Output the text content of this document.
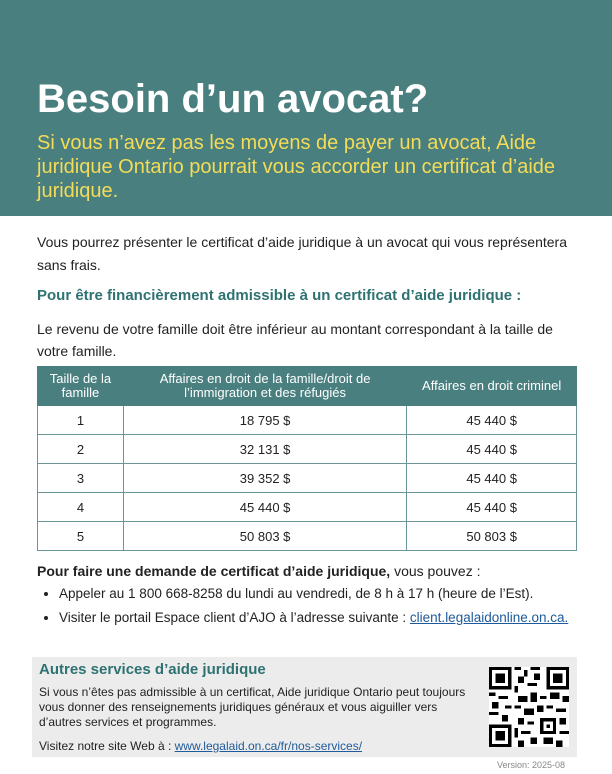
Besoin d’un avocat?

Si vous n’avez pas les moyens de payer un avocat, Aide juridique Ontario pourrait vous accorder un certificat d’aide juridique.

Vous pourrez présenter le certificat d’aide juridique à un avocat qui vous représentera sans frais.

Pour être financièrement admissible à un certificat d’aide juridique :

Le revenu de votre famille doit être inférieur au montant correspondant à la taille de votre famille.

Taille de la famille	Affaires en droit de la famille/droit de l’immigration et des réfugiés	Affaires en droit criminel
1	18 795 $	45 440 $
2	32 131 $	45 440 $
3	39 352 $	45 440 $
4	45 440 $	45 440 $
5	50 803 $	50 803 $

Pour faire une demande de certificat d’aide juridique, vous pouvez :

• Appeler au 1 800 668-8258 du lundi au vendredi, de 8 h à 17 h (heure de l’Est).
• Visiter le portail Espace client d’AJO à l’adresse suivante : client.legalaidonline.on.ca.
Autres services d’aide juridique

Si vous n’êtes pas admissible à un certificat, Aide juridique Ontario peut toujours vous donner des renseignements juridiques généraux et vous aiguiller vers d’autres services et programmes.

Visitez notre site Web à : www.legalaid.on.ca/fr/nos-services/

Version: 2025-08
